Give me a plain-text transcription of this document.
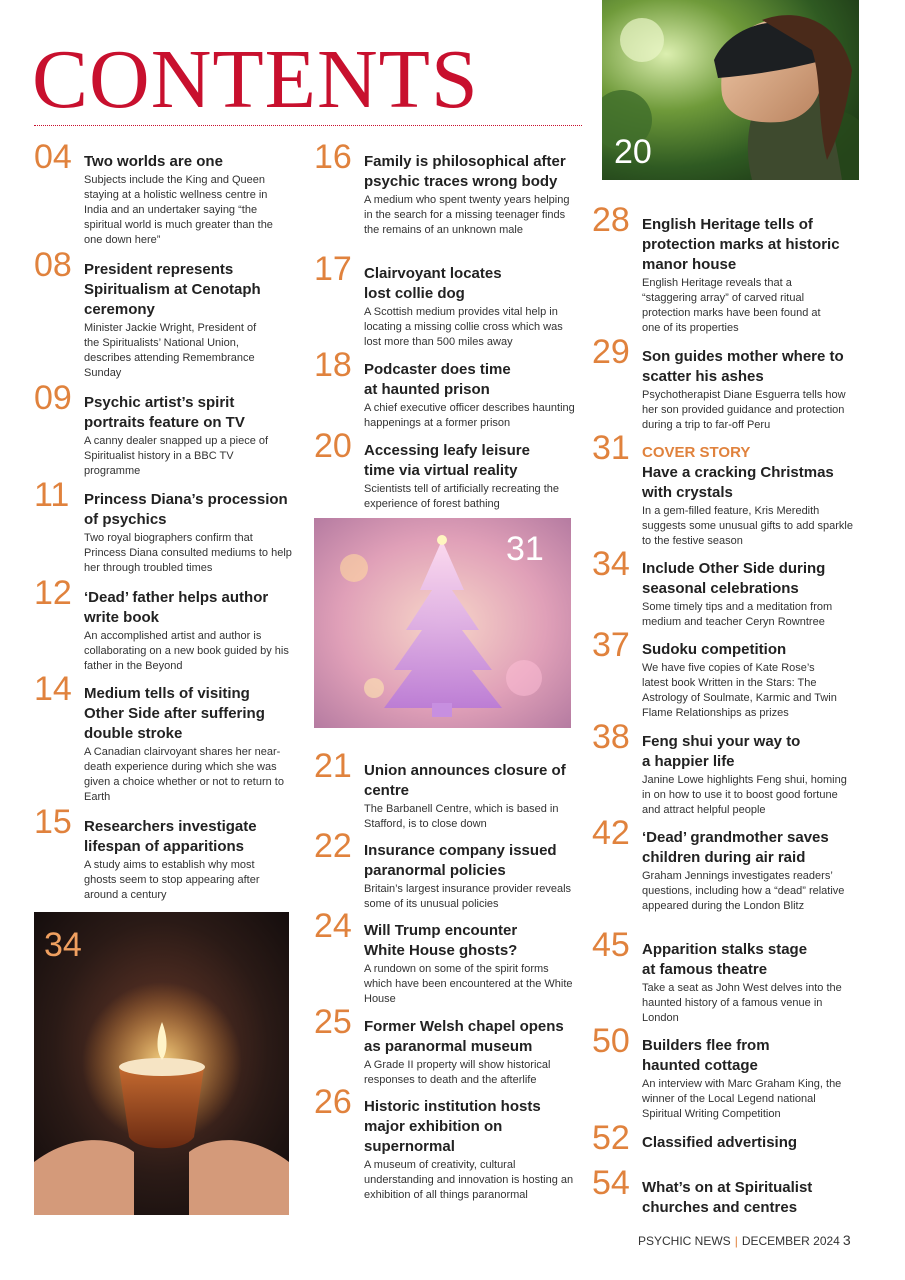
CONTENTS
20
31
34
04 Two worlds are one
Subjects include the King and Queen staying at a holistic wellness centre in India and an undertaker saying “the spiritual world is much greater than the one down here”
08 President represents Spiritualism at Cenotaph ceremony
Minister Jackie Wright, President of the Spiritualists’ National Union, describes attending Remembrance Sunday
09 Psychic artist’s spirit portraits feature on TV
A canny dealer snapped up a piece of Spiritualist history in a BBC TV programme
11 Princess Diana’s procession of psychics
Two royal biographers confirm that Princess Diana consulted mediums to help her through troubled times
12 ‘Dead’ father helps author write book
An accomplished artist and author is collaborating on a new book guided by his father in the Beyond
14 Medium tells of visiting Other Side after suffering double stroke
A Canadian clairvoyant shares her near-death experience during which she was given a choice whether or not to return to Earth
15 Researchers investigate lifespan of apparitions
A study aims to establish why most ghosts seem to stop appearing after around a century
16 Family is philosophical after psychic traces wrong body
A medium who spent twenty years helping in the search for a missing teenager finds the remains of an unknown male
17 Clairvoyant locates lost collie dog
A Scottish medium provides vital help in locating a missing collie cross which was lost more than 500 miles away
18 Podcaster does time at haunted prison
A chief executive officer describes haunting happenings at a former prison
20 Accessing leafy leisure time via virtual reality
Scientists tell of artificially recreating the experience of forest bathing
21 Union announces closure of centre
The Barbanell Centre, which is based in Stafford, is to close down
22 Insurance company issued paranormal policies
Britain’s largest insurance provider reveals some of its unusual policies
24 Will Trump encounter White House ghosts?
A rundown on some of the spirit forms which have been encountered at the White House
25 Former Welsh chapel opens as paranormal museum
A Grade II property will show historical responses to death and the afterlife
26 Historic institution hosts major exhibition on supernormal
A museum of creativity, cultural understanding and innovation is hosting an exhibition of all things paranormal
28 English Heritage tells of protection marks at historic manor house
English Heritage reveals that a “staggering array” of carved ritual protection marks have been found at one of its properties
29 Son guides mother where to scatter his ashes
Psychotherapist Diane Esguerra tells how her son provided guidance and protection during a trip to far-off Peru
31 COVER STORY
Have a cracking Christmas with crystals
In a gem-filled feature, Kris Meredith suggests some unusual gifts to add sparkle to the festive season
34 Include Other Side during seasonal celebrations
Some timely tips and a meditation from medium and teacher Ceryn Rowntree
37 Sudoku competition
We have five copies of Kate Rose’s latest book Written in the Stars: The Astrology of Soulmate, Karmic and Twin Flame Relationships as prizes
38 Feng shui your way to a happier life
Janine Lowe highlights Feng shui, homing in on how to use it to boost good fortune and attract helpful people
42 ‘Dead’ grandmother saves children during air raid
Graham Jennings investigates readers’ questions, including how a “dead” relative appeared during the London Blitz
45 Apparition stalks stage at famous theatre
Take a seat as John West delves into the haunted history of a famous venue in London
50 Builders flee from haunted cottage
An interview with Marc Graham King, the winner of the Local Legend national Spiritual Writing Competition
52 Classified advertising
54 What’s on at Spiritualist churches and centres
PSYCHIC NEWS | DECEMBER 2024 3
